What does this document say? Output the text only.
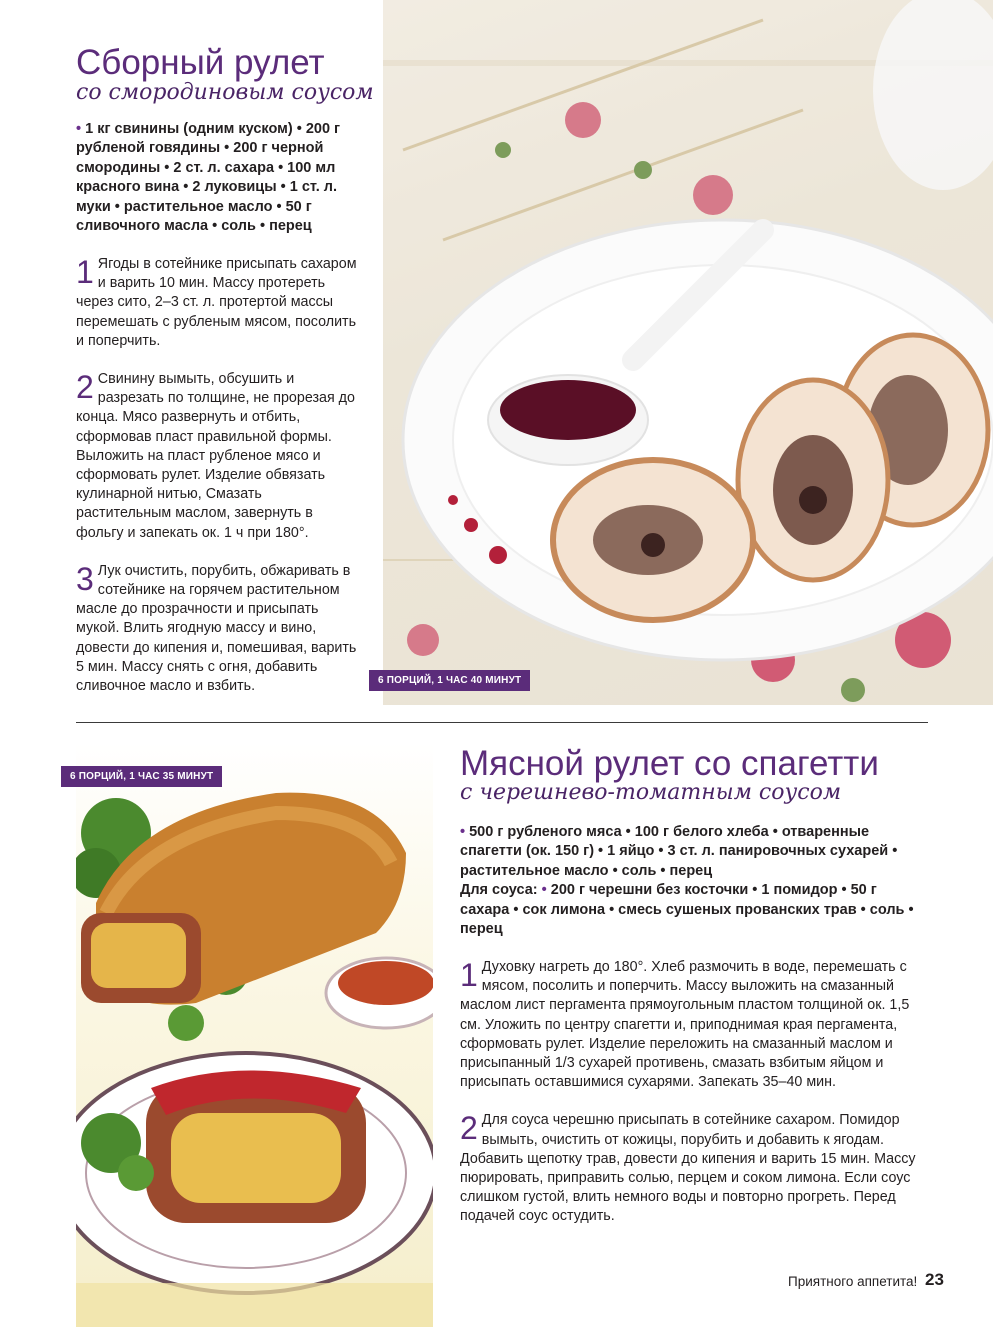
Сборный рулет
со смородиновым соусом
• 1 кг свинины (одним куском) • 200 г рубленой говядины • 200 г черной смородины • 2 ст. л. сахара • 100 мл красного вина • 2 луковицы • 1 ст. л. муки • растительное масло • 50 г сливочного масла • соль • перец
1 Ягоды в сотейнике присыпать сахаром и варить 10 мин. Массу протереть через сито, 2–3 ст. л. протертой массы перемешать с рубленым мясом, посолить и поперчить.
2 Свинину вымыть, обсушить и разрезать по толщине, не прорезая до конца. Мясо развернуть и отбить, сформовав пласт правильной формы. Выложить на пласт рубленое мясо и сформовать рулет. Изделие обвязать кулинарной нитью, Смазать растительным маслом, завернуть в фольгу и запекать ок. 1 ч при 180°.
3 Лук очистить, порубить, обжаривать в сотейнике на горячем растительном масле до прозрачности и присыпать мукой. Влить ягодную массу и вино, довести до кипения и, помешивая, варить 5 мин. Массу снять с огня, добавить сливочное масло и взбить.	6 ПОРЦИЙ, 1 ЧАС 40 МИНУТ
6 ПОРЦИЙ, 1 ЧАС 35 МИНУТ	Мясной рулет со спагетти
с черешнево-томатным соусом
• 500 г рубленого мяса • 100 г белого хлеба • отваренные спагетти (ок. 150 г) • 1 яйцо • 3 ст. л. панировочных сухарей • растительное масло • соль • перец
Для соуса: • 200 г черешни без косточки • 1 помидор • 50 г сахара • сок лимона • смесь сушеных прованских трав • соль • перец
1 Духовку нагреть до 180°. Хлеб размочить в воде, перемешать с мясом, посолить и поперчить. Массу выложить на смазанный маслом лист пергамента прямоугольным пластом толщиной ок. 1,5 см. Уложить по центру спагетти и, приподнимая края пергамента, сформовать рулет. Изделие переложить на смазанный маслом и присыпанный 1/3 сухарей противень, смазать взбитым яйцом и присыпать оставшимися сухарями. Запекать 35–40 мин.
2 Для соуса черешню присыпать в сотейнике сахаром. Помидор вымыть, очистить от кожицы, порубить и добавить к ягодам. Добавить щепотку трав, довести до кипения и варить 15 мин. Массу пюрировать, приправить солью, перцем и соком лимона. Если соус слишком густой, влить немного воды и повторно прогреть. Перед подачей соус остудить.
Приятного аппетита! 23
